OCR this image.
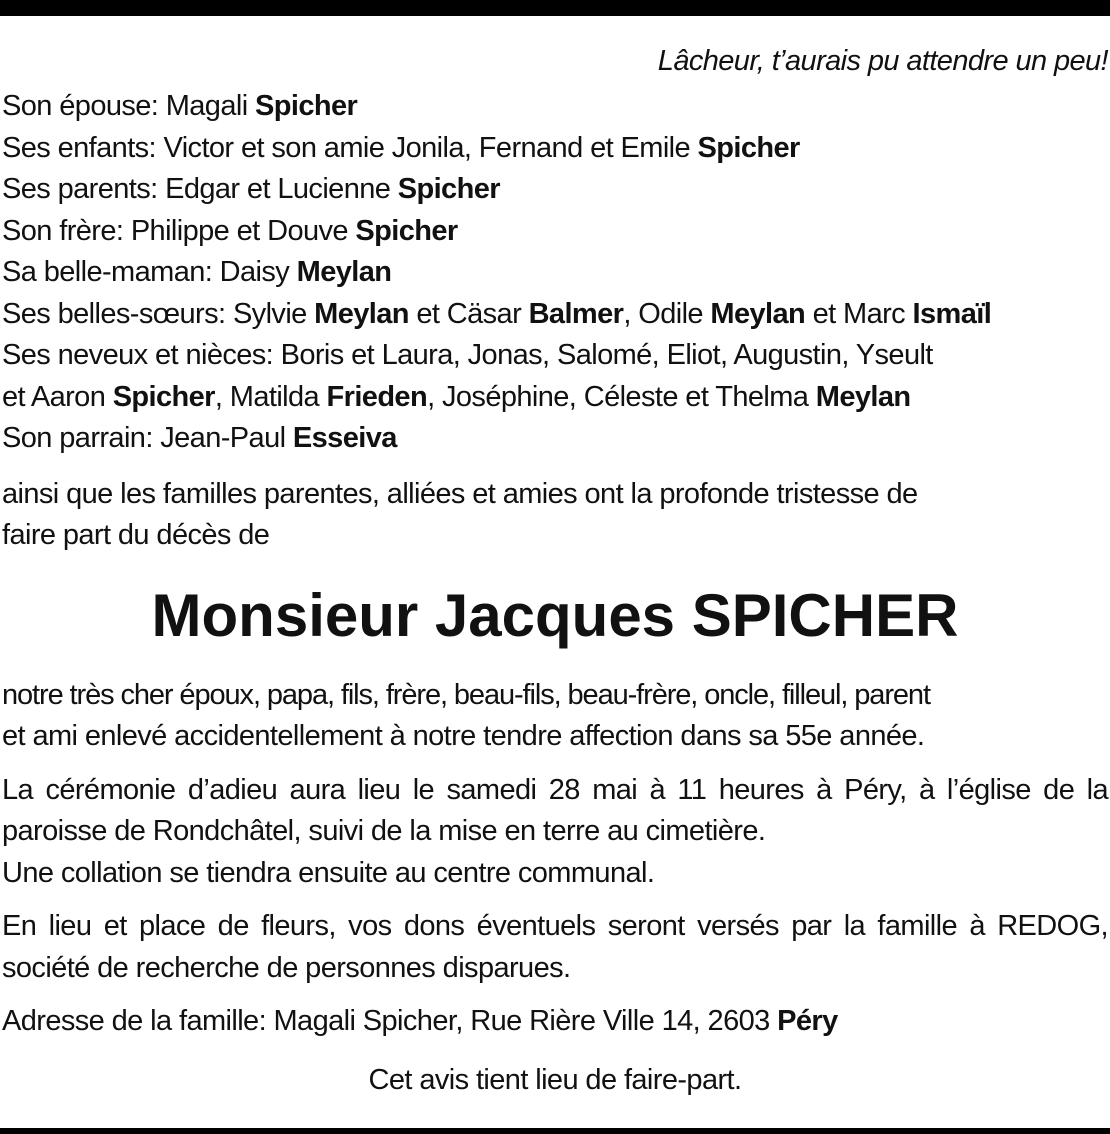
Lâcheur, t’aurais pu attendre un peu!
Son épouse: Magali Spicher
Ses enfants: Victor et son amie Jonila, Fernand et Emile Spicher
Ses parents: Edgar et Lucienne Spicher
Son frère: Philippe et Douve Spicher
Sa belle-maman: Daisy Meylan
Ses belles-sœurs: Sylvie Meylan et Cäsar Balmer, Odile Meylan et Marc Ismaïl
Ses neveux et nièces: Boris et Laura, Jonas, Salomé, Eliot, Augustin, Yseult
et Aaron Spicher, Matilda Frieden, Joséphine, Céleste et Thelma Meylan
Son parrain: Jean-Paul Esseiva
ainsi que les familles parentes, alliées et amies ont la profonde tristesse de
faire part du décès de
Monsieur Jacques SPICHER
notre très cher époux, papa, fils, frère, beau-fils, beau-frère, oncle, filleul, parent
et ami enlevé accidentellement à notre tendre affection dans sa 55e année.
La cérémonie d’adieu aura lieu le samedi 28 mai à 11 heures à Péry, à l’église de la paroisse de Rondchâtel, suivi de la mise en terre au cimetière.
Une collation se tiendra ensuite au centre communal.
En lieu et place de fleurs, vos dons éventuels seront versés par la famille à REDOG, société de recherche de personnes disparues.
Adresse de la famille: Magali Spicher, Rue Rière Ville 14, 2603 Péry
Cet avis tient lieu de faire-part.
